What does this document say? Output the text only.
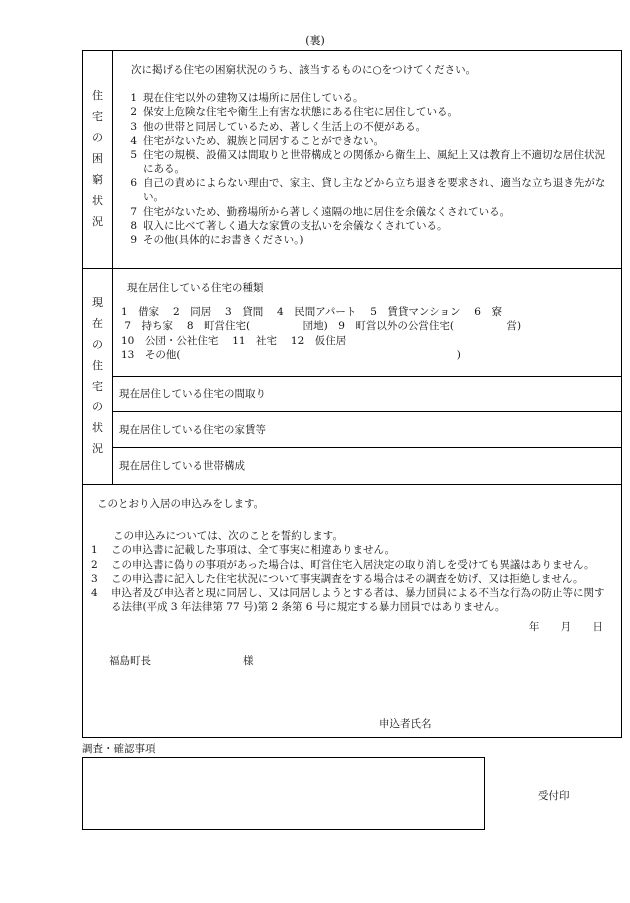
(裏)
住
宅
の
困
窮
状
況
次に掲げる住宅の困窮状況のうち、該当するものに○をつけてください。
1 現在住宅以外の建物又は場所に居住している。
2 保安上危険な住宅や衛生上有害な状態にある住宅に居住している。
3 他の世帯と同居しているため、著しく生活上の不便がある。
4 住宅がないため、親族と同居することができない。
5 住宅の規模、設備又は間取りと世帯構成との関係から衛生上、風紀上又は教育上不適切な居住状況にある。
6 自己の責めによらない理由で、家主、貸し主などから立ち退きを要求され、適当な立ち退き先がない。
7 住宅がないため、勤務場所から著しく遠隔の地に居住を余儀なくされている。
8 収入に比べて著しく過大な家賃の支払いを余儀なくされている。
9 その他(具体的にお書きください。)
現
在
の
住
宅
の
状
況
現在居住している住宅の種類
1　借家　 2　同居　 3　貸間　 4　民間アパート　 5　賃貸マンション　 6　寮
7　持ち家　 8　町営住宅(　　　　　団地)　9　町営以外の公営住宅(　　　　　営)
10　公団・公社住宅　 11　社宅　 12　仮住居
13　その他(　　　　　　　　　　　　　　　　　　　　　　　　　　 )
現在居住している住宅の間取り
現在居住している住宅の家賃等
現在居住している世帯構成
このとおり入居の申込みをします。
この申込みについては、次のことを誓約します。
1	この申込書に記載した事項は、全て事実に相違ありません。
2	この申込書に偽りの事項があった場合は、町営住宅入居決定の取り消しを受けても異議はありません。
3	この申込書に記入した住宅状況について事実調査をする場合はその調査を妨げ、又は拒絶しません。
4	申込者及び申込者と現に同居し、又は同居しようとする者は、暴力団員による不当な行為の防止等に関する法律(平成 3 年法律第 77 号)第 2 条第 6 号に規定する暴力団員ではありません。
年 月 日
福島町長	様
申込者氏名
調査・確認事項
受付印
